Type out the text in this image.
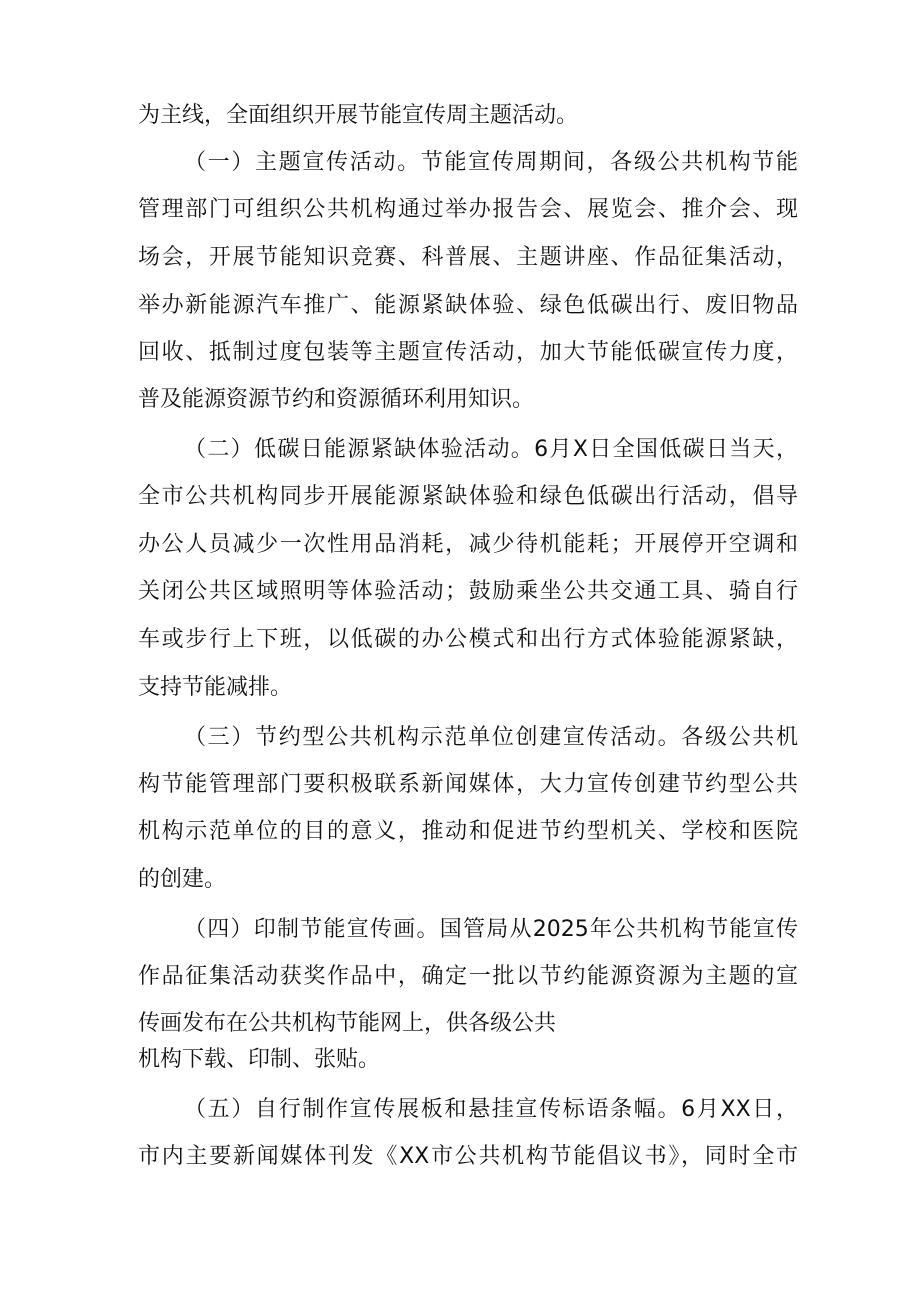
为主线，全面组织开展节能宣传周主题活动。
（一）主题宣传活动。节能宣传周期间，各级公共机构节能
管理部门可组织公共机构通过举办报告会、展览会、推介会、现
场会，开展节能知识竞赛、科普展、主题讲座、作品征集活动，
举办新能源汽车推广、能源紧缺体验、绿色低碳出行、废旧物品
回收、抵制过度包装等主题宣传活动，加大节能低碳宣传力度，
普及能源资源节约和资源循环利用知识。
（二）低碳日能源紧缺体验活动。6月X日全国低碳日当天，
全市公共机构同步开展能源紧缺体验和绿色低碳出行活动，倡导
办公人员减少一次性用品消耗，减少待机能耗；开展停开空调和
关闭公共区域照明等体验活动；鼓励乘坐公共交通工具、骑自行
车或步行上下班，以低碳的办公模式和出行方式体验能源紧缺，
支持节能减排。
（三）节约型公共机构示范单位创建宣传活动。各级公共机
构节能管理部门要积极联系新闻媒体，大力宣传创建节约型公共
机构示范单位的目的意义，推动和促进节约型机关、学校和医院
的创建。
（四）印制节能宣传画。国管局从2025年公共机构节能宣传
作品征集活动获奖作品中，确定一批以节约能源资源为主题的宣
传画发布在公共机构节能网上，供各级公共
机构下载、印制、张贴。
（五）自行制作宣传展板和悬挂宣传标语条幅。6月XX日，
市内主要新闻媒体刊发《XX市公共机构节能倡议书》，同时全市
